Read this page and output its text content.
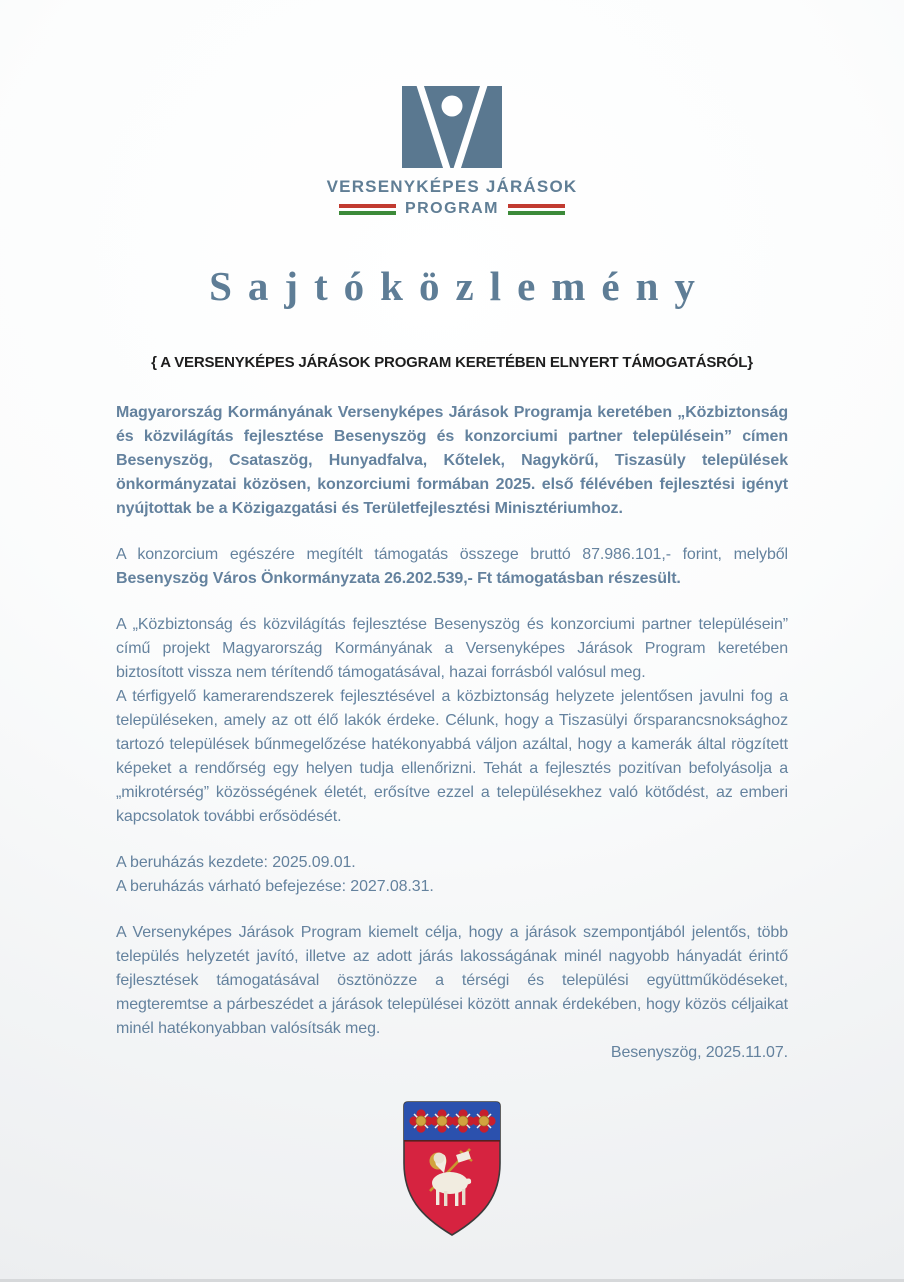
VERSENYKÉPES JÁRÁSOK
PROGRAM
Sajtóközlemény
{ A VERSENYKÉPES JÁRÁSOK PROGRAM KERETÉBEN ELNYERT TÁMOGATÁSRÓL}

Magyarország Kormányának Versenyképes Járások Programja keretében „Közbiztonság és közvilágítás fejlesztése Besenyszög és konzorciumi partner településein” címen Besenyszög, Csataszög, Hunyadfalva, Kőtelek, Nagykörű, Tiszasüly települések önkormányzatai közösen, konzorciumi formában 2025. első félévében fejlesztési igényt nyújtottak be a Közigazgatási és Területfejlesztési Minisztériumhoz.

A konzorcium egészére megítélt támogatás összege bruttó 87.986.101,- forint, melyből Besenyszög Város Önkormányzata 26.202.539,- Ft támogatásban részesült.

A „Közbiztonság és közvilágítás fejlesztése Besenyszög és konzorciumi partner településein” című projekt Magyarország Kormányának a Versenyképes Járások Program keretében biztosított vissza nem térítendő támogatásával, hazai forrásból valósul meg.

A térfigyelő kamerarendszerek fejlesztésével a közbiztonság helyzete jelentősen javulni fog a településeken, amely az ott élő lakók érdeke. Célunk, hogy a Tiszasülyi őrsparancsnoksághoz tartozó települések bűnmegelőzése hatékonyabbá váljon azáltal, hogy a kamerák által rögzített képeket a rendőrség egy helyen tudja ellenőrizni. Tehát a fejlesztés pozitívan befolyásolja a „mikrotérség” közösségének életét, erősítve ezzel a településekhez való kötődést, az emberi kapcsolatok további erősödését.

A beruházás kezdete: 2025.09.01.

A beruházás várható befejezése: 2027.08.31.

A Versenyképes Járások Program kiemelt célja, hogy a járások szempontjából jelentős, több település helyzetét javító, illetve az adott járás lakosságának minél nagyobb hányadát érintő fejlesztések támogatásával ösztönözze a térségi és települési együttműködéseket, megteremtse a párbeszédet a járások települései között annak érdekében, hogy közös céljaikat minél hatékonyabban valósítsák meg.

Besenyszög, 2025.11.07.
